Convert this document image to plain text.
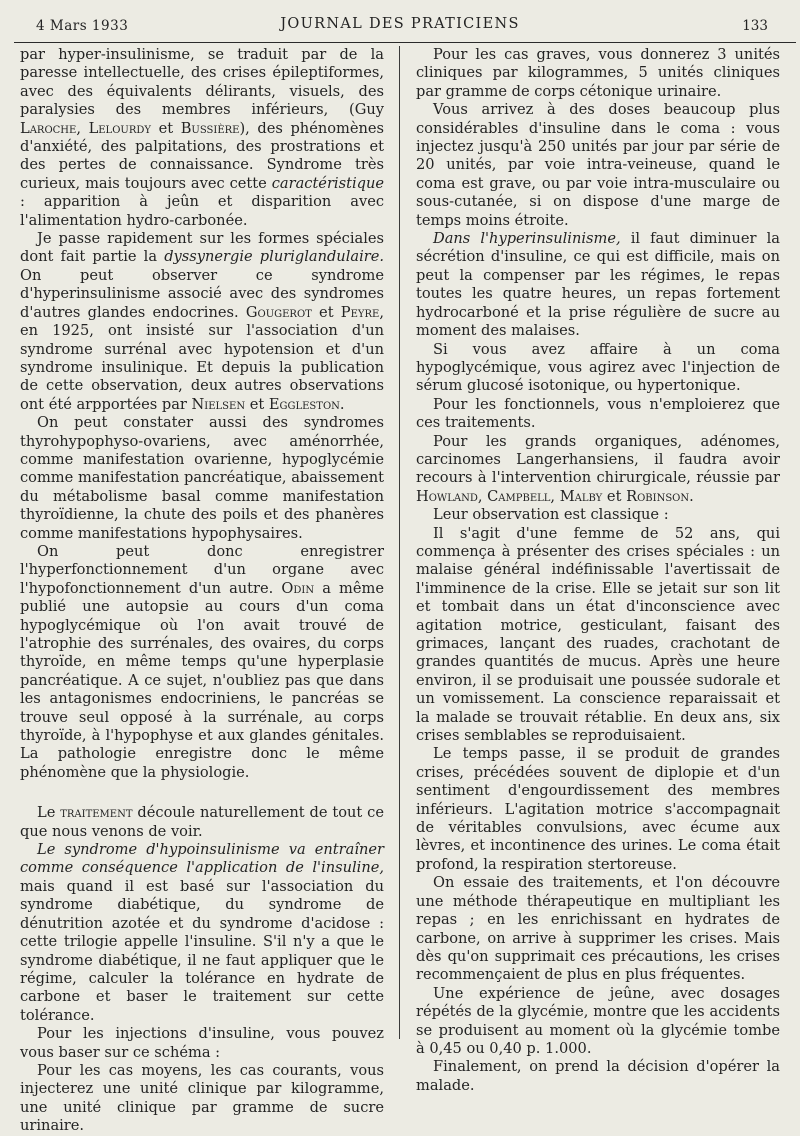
4 Mars 1933	JOURNAL DES PRATICIENS	133

par hyper-insulinisme, se traduit par de la paresse intellectuelle, des crises épileptiformes, avec des équivalents délirants, visuels, des paralysies des membres inférieurs, (Guy Laroche, Lelourdy et Bussière), des phénomènes d'anxiété, des palpitations, des prostrations et des pertes de connaissance. Syndrome très curieux, mais toujours avec cette caractéristique : apparition à jeûn et disparition avec l'alimentation hydro-carbonée.

Je passe rapidement sur les formes spéciales dont fait partie la dyssynergie pluriglandulaire. On peut observer ce syndrome d'hyperinsulinisme associé avec des syndromes d'autres glandes endocrines. Gougerot et Peyre, en 1925, ont insisté sur l'association d'un syndrome surrénal avec hypotension et d'un syndrome insulinique. Et depuis la publication de cette observation, deux autres observations ont été arpportées par Nielsen et Eggleston.

On peut constater aussi des syndromes thyrohypophyso-ovariens, avec aménorrhée, comme manifestation ovarienne, hypoglycémie comme manifestation pancréatique, abaissement du métabolisme basal comme manifestation thyroïdienne, la chute des poils et des phanères comme manifestations hypophysaires.

On peut donc enregistrer l'hyperfonctionnement d'un organe avec l'hypofonctionnement d'un autre. Odin a même publié une autopsie au cours d'un coma hypoglycémique où l'on avait trouvé de l'atrophie des surrénales, des ovaires, du corps thyroïde, en même temps qu'une hyperplasie pancréatique. A ce sujet, n'oubliez pas que dans les antagonismes endocriniens, le pancréas se trouve seul opposé à la surrénale, au corps thyroïde, à l'hypophyse et aux glandes génitales. La pathologie enregistre donc le même phénomène que la physiologie.

Le traitement découle naturellement de tout ce que nous venons de voir.

Le syndrome d'hypoinsulinisme va entraîner comme conséquence l'application de l'insuline, mais quand il est basé sur l'association du syndrome diabétique, du syndrome de dénutrition azotée et du syndrome d'acidose : cette trilogie appelle l'insuline. S'il n'y a que le syndrome diabétique, il ne faut appliquer que le régime, calculer la tolérance en hydrate de carbone et baser le traitement sur cette tolérance.

Pour les injections d'insuline, vous pouvez vous baser sur ce schéma :

Pour les cas moyens, les cas courants, vous injecterez une unité clinique par kilogramme, une unité clinique par gramme de sucre urinaire.

Pour les cas graves, vous donnerez 3 unités cliniques par kilogrammes, 5 unités cliniques par gramme de corps cétonique urinaire.

Vous arrivez à des doses beaucoup plus considérables d'insuline dans le coma : vous injectez jusqu'à 250 unités par jour par série de 20 unités, par voie intra-veineuse, quand le coma est grave, ou par voie intra-musculaire ou sous-cutanée, si on dispose d'une marge de temps moins étroite.

Dans l'hyperinsulinisme, il faut diminuer la sécrétion d'insuline, ce qui est difficile, mais on peut la compenser par les régimes, le repas toutes les quatre heures, un repas fortement hydrocarboné et la prise régulière de sucre au moment des malaises.

Si vous avez affaire à un coma hypoglycémique, vous agirez avec l'injection de sérum glucosé isotonique, ou hypertonique.

Pour les fonctionnels, vous n'emploierez que ces traitements.

Pour les grands organiques, adénomes, carcinomes Langerhansiens, il faudra avoir recours à l'intervention chirurgicale, réussie par Howland, Campbell, Malby et Robinson.

Leur observation est classique :

Il s'agit d'une femme de 52 ans, qui commença à présenter des crises spéciales : un malaise général indéfinissable l'avertissait de l'imminence de la crise. Elle se jetait sur son lit et tombait dans un état d'inconscience avec agitation motrice, gesticulant, faisant des grimaces, lançant des ruades, crachotant de grandes quantités de mucus. Après une heure environ, il se produisait une poussée sudorale et un vomissement. La conscience reparaissait et la malade se trouvait rétablie. En deux ans, six crises semblables se reproduisaient.

Le temps passe, il se produit de grandes crises, précédées souvent de diplopie et d'un sentiment d'engourdissement des membres inférieurs. L'agitation motrice s'accompagnait de véritables convulsions, avec écume aux lèvres, et incontinence des urines. Le coma était profond, la respiration stertoreuse.

On essaie des traitements, et l'on découvre une méthode thérapeutique en multipliant les repas ; en les enrichissant en hydrates de carbone, on arrive à supprimer les crises. Mais dès qu'on supprimait ces précautions, les crises recommençaient de plus en plus fréquentes.

Une expérience de jeûne, avec dosages répétés de la glycémie, montre que les accidents se produisent au moment où la glycémie tombe à 0,45 ou 0,40 p. 1.000.

Finalement, on prend la décision d'opérer la malade.
